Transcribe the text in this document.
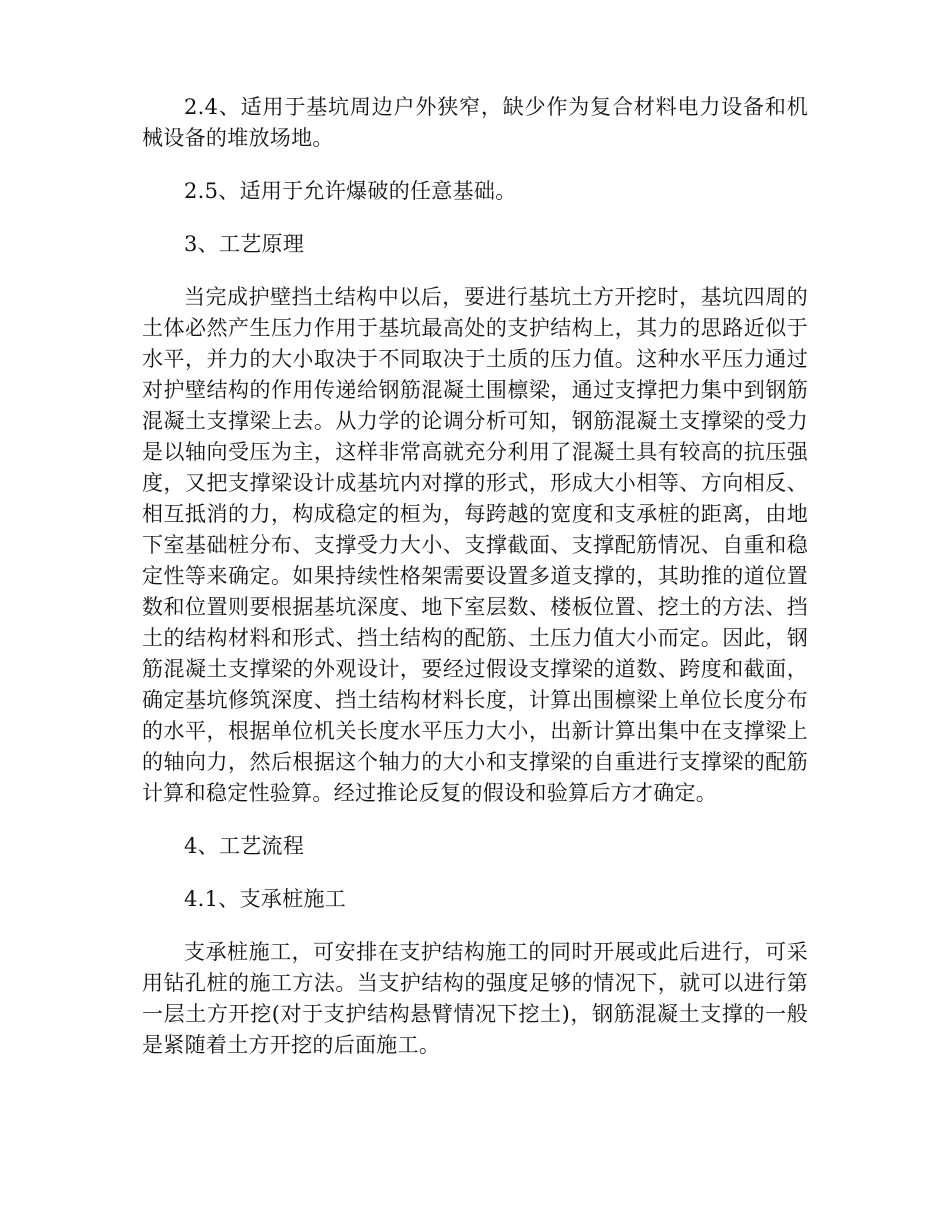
2.4、适用于基坑周边户外狭窄，缺少作为复合材料电力设备和机械设备的堆放场地。

2.5、适用于允许爆破的任意基础。

3、工艺原理

当完成护壁挡土结构中以后，要进行基坑土方开挖时，基坑四周的土体必然产生压力作用于基坑最高处的支护结构上，其力的思路近似于水平，并力的大小取决于不同取决于土质的压力值。这种水平压力通过对护壁结构的作用传递给钢筋混凝土围檩梁，通过支撑把力集中到钢筋混凝土支撑梁上去。从力学的论调分析可知，钢筋混凝土支撑梁的受力是以轴向受压为主，这样非常高就充分利用了混凝土具有较高的抗压强度，又把支撑梁设计成基坑内对撑的形式，形成大小相等、方向相反、相互抵消的力，构成稳定的桓为，每跨越的宽度和支承桩的距离，由地下室基础桩分布、支撑受力大小、支撑截面、支撑配筋情况、自重和稳定性等来确定。如果持续性格架需要设置多道支撑的，其助推的道位置数和位置则要根据基坑深度、地下室层数、楼板位置、挖土的方法、挡土的结构材料和形式、挡土结构的配筋、土压力值大小而定。因此，钢筋混凝土支撑梁的外观设计，要经过假设支撑梁的道数、跨度和截面，确定基坑修筑深度、挡土结构材料长度，计算出围檩梁上单位长度分布的水平，根据单位机关长度水平压力大小，出新计算出集中在支撑梁上的轴向力，然后根据这个轴力的大小和支撑梁的自重进行支撑梁的配筋计算和稳定性验算。经过推论反复的假设和验算后方才确定。

4、工艺流程

4.1、支承桩施工

支承桩施工，可安排在支护结构施工的同时开展或此后进行，可采用钻孔桩的施工方法。当支护结构的强度足够的情况下，就可以进行第一层土方开挖(对于支护结构悬臂情况下挖土)，钢筋混凝土支撑的一般是紧随着土方开挖的后面施工。
